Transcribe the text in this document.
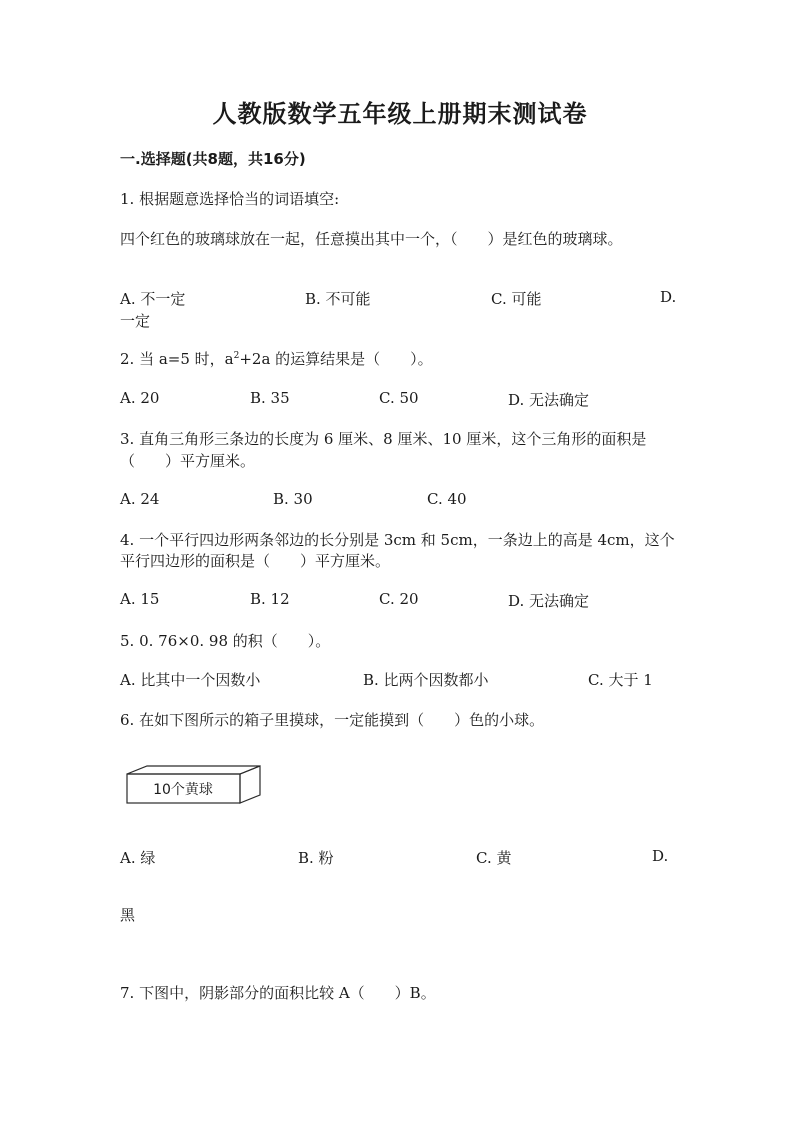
人教版数学五年级上册期末测试卷
一.选择题(共8题，共16分)
1. 根据题意选择恰当的词语填空:
四个红色的玻璃球放在一起，任意摸出其中一个，（　　）是红色的玻璃球。
A. 不一定	B. 不可能	C. 可能	D.
一定
2. 当 a=5 时，$a^2+2a$ 的运算结果是（　　）。
A. 20	B. 35	C. 50	D. 无法确定
3. 直角三角形三条边的长度为 6 厘米、8 厘米、10 厘米，这个三角形的面积是
（　　）平方厘米。
A. 24	B. 30	C. 40
4. 一个平行四边形两条邻边的长分别是 3cm 和 5cm，一条边上的高是 4cm，这个
平行四边形的面积是（　　）平方厘米。
A. 15	B. 12	C. 20	D. 无法确定
5. 0. 76×0. 98 的积（　　）。
A. 比其中一个因数小	B. 比两个因数都小	C. 大于 1
6. 在如下图所示的箱子里摸球，一定能摸到（　　）色的小球。
10个黄球
A. 绿	B. 粉	C. 黄	D.
黑
7. 下图中，阴影部分的面积比较 A（　　）B。
